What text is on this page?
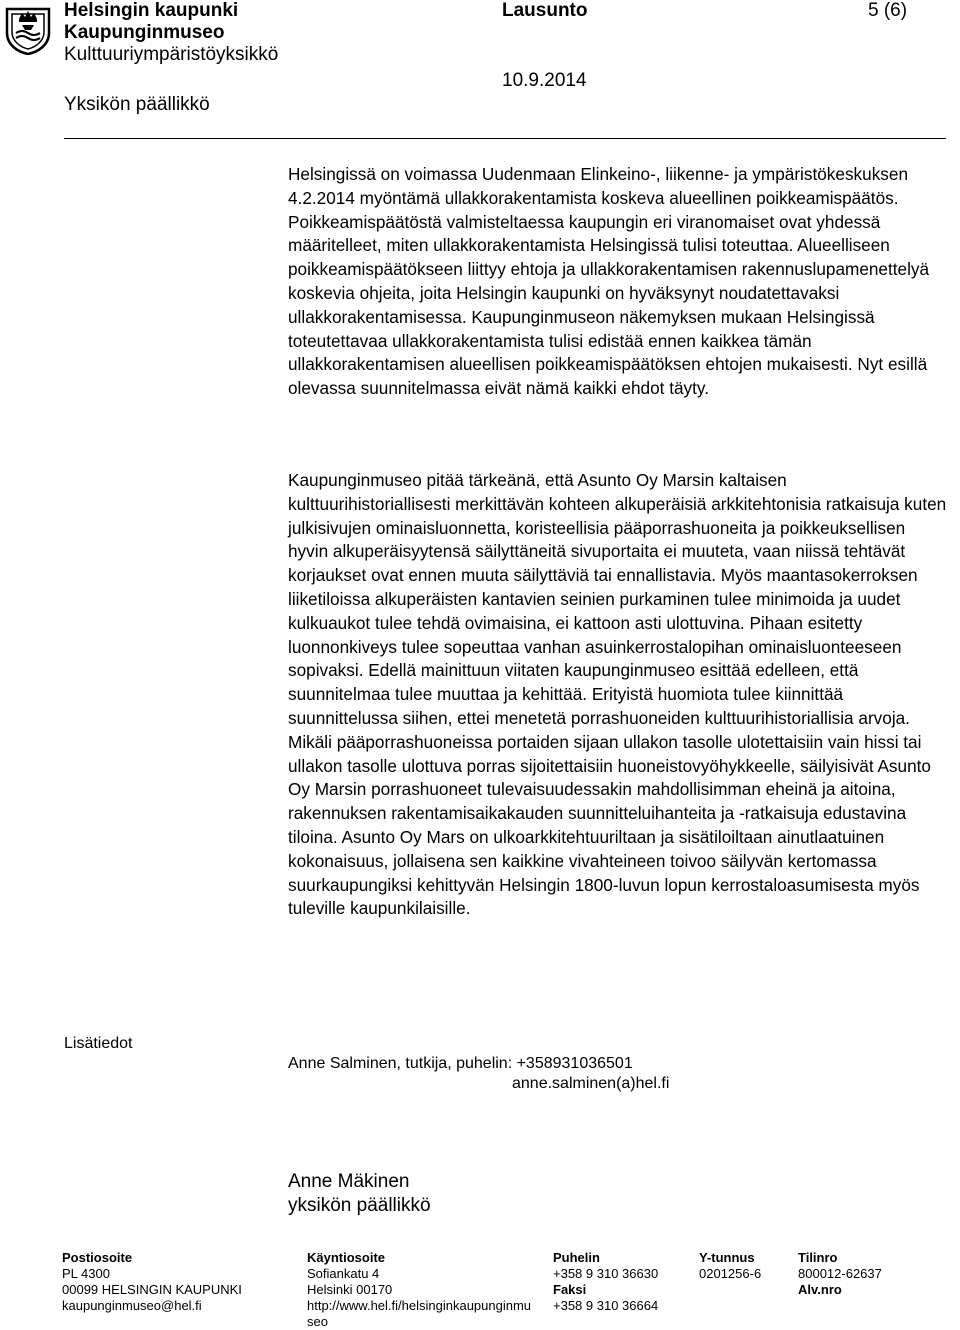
Helsingin kaupunki
Kaupunginmuseo
Kulttuuriympäristöyksikkö
Yksikön päällikkö
Lausunto
10.9.2014
5 (6)

Helsingissä on voimassa Uudenmaan Elinkeino-, liikenne- ja ympäristökeskuksen 4.2.2014 myöntämä ullakkorakentamista koskeva alueellinen poikkeamispäätös. Poikkeamispäätöstä valmisteltaessa kaupungin eri viranomaiset ovat yhdessä määritelleet, miten ullakkorakentamista Helsingissä tulisi toteuttaa. Alueelliseen poikkeamispäätökseen liittyy ehtoja ja ullakkorakentamisen rakennuslupamenettelyä koskevia ohjeita, joita Helsingin kaupunki on hyväksynyt noudatettavaksi ullakkorakentamisessa. Kaupunginmuseon näkemyksen mukaan Helsingissä toteutettavaa ullakkorakentamista tulisi edistää ennen kaikkea tämän ullakkorakentamisen alueellisen poikkeamispäätöksen ehtojen mukaisesti. Nyt esillä olevassa suunnitelmassa eivät nämä kaikki ehdot täyty.

Kaupunginmuseo pitää tärkeänä, että Asunto Oy Marsin kaltaisen kulttuurihistoriallisesti merkittävän kohteen alkuperäisiä arkkitehtonisia ratkaisuja kuten julkisivujen ominaisluonnetta, koristeellisia pääporrashuoneita ja poikkeuksellisen hyvin alkuperäisyytensä säilyttäneitä sivuportaita ei muuteta, vaan niissä tehtävät korjaukset ovat ennen muuta säilyttäviä tai ennallistavia. Myös maantasokerroksen liiketiloissa alkuperäisten kantavien seinien purkaminen tulee minimoida ja uudet kulkuaukot tulee tehdä ovimaisina, ei kattoon asti ulottuvina. Pihaan esitetty luonnonkiveys tulee sopeuttaa vanhan asuinkerrostalopihan ominaisluonteeseen sopivaksi. Edellä mainittuun viitaten kaupunginmuseo esittää edelleen, että suunnitelmaa tulee muuttaa ja kehittää. Erityistä huomiota tulee kiinnittää suunnittelussa siihen, ettei menetetä porrashuoneiden kulttuurihistoriallisia arvoja. Mikäli pääporrashuoneissa portaiden sijaan ullakon tasolle ulotettaisiin vain hissi tai ullakon tasolle ulottuva porras sijoitettaisiin huoneistovyöhykkeelle, säilyisivät Asunto Oy Marsin porrashuoneet tulevaisuudessakin mahdollisimman eheinä ja aitoina, rakennuksen rakentamisaikakauden suunnitteluihanteita ja -ratkaisuja edustavina tiloina. Asunto Oy Mars on ulkoarkkitehtuuriltaan ja sisätiloiltaan ainutlaatuinen kokonaisuus, jollaisena sen kaikkine vivahteineen toivoo säilyvän kertomassa suurkaupungiksi kehittyvän Helsingin 1800-luvun lopun kerrostaloasumisesta myös tuleville kaupunkilaisille.

Lisätiedot
Anne Salminen, tutkija, puhelin: +358931036501
anne.salminen(a)hel.fi
Anne Mäkinen
yksikön päällikkö
Postiosoite
PL 4300
00099 HELSINGIN KAUPUNKI
kaupunginmuseo@hel.fi
Käyntiosoite
Sofiankatu 4
Helsinki 00170
http://www.hel.fi/helsinginkaupunginmu
seo
Puhelin
+358 9 310 36630
Faksi
+358 9 310 36664
Y-tunnus
0201256-6
Tilinro
800012-62637
Alv.nro
